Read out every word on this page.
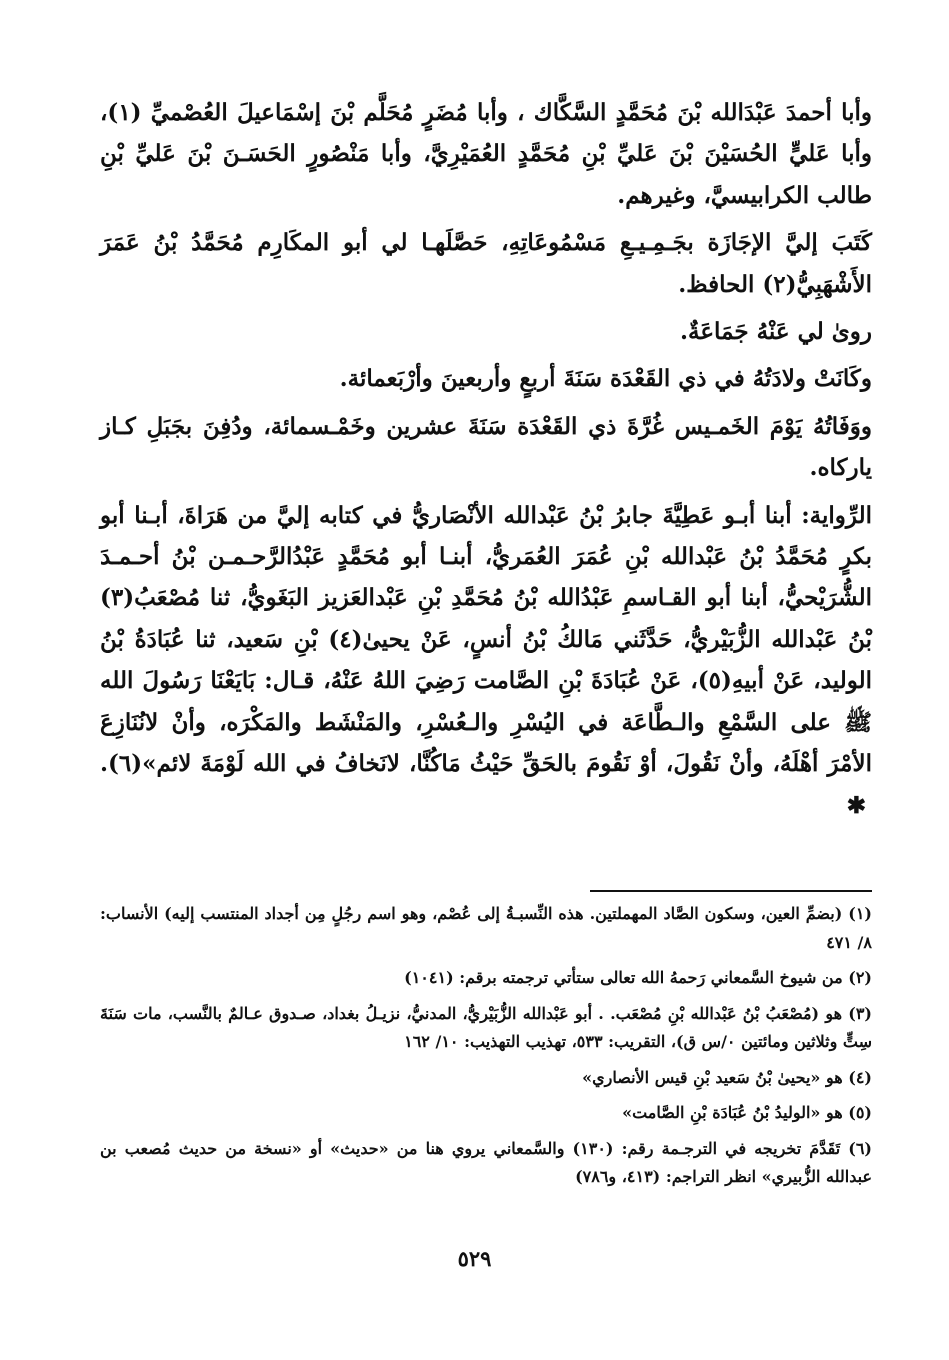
وأبا أحمدَ عَبْدَالله بْنَ مُحَمَّدٍ السَّكَّاك ، وأبا مُضَرٍ مُحَلَّم بْنَ إسْمَاعيلَ العُصْميِّ (١)، وأبا عَليٍّ الحُسَيْنَ بْنَ عَليِّ بْنِ مُحَمَّدٍ العُمَيْرِيَّ، وأبا مَنْصُورٍ الحَسَـنَ بْنَ عَليِّ بْنِ طالب الكرابيسيَّ، وغيرهم.

كَتَبَ إليَّ الإجَازَة بجَـمِـيـعِ مَسْمُوعَاتِهِ، حَصَّلَهـا لي أبو المكَارِم مُحَمَّدُ بْنُ عَمَرَ الأَشْهَبِيُّ(٢) الحافظ.

روىٰ لي عَنْهُ جَمَاعَةٌ.

وكَانَتْ ولادَتُهُ في ذي القَعْدَة سَنَةَ أربعٍ وأربعينَ وأرْبَعمائة.

ووَفَاتُهُ يَوْمَ الخَمـيس غُرَّةَ ذي القَعْدَة سَنَةَ عشرين وخَمْـسمائة، ودُفِنَ بجَبَلِ كـاز ياركاه.

الرِّواية: أبنا أبـو عَطِيَّةَ جابرُ بْنُ عَبْدالله الأنْصَاريُّ في كتابه إليَّ من هَرَاةَ، أبـنا أبو بكرٍ مُحَمَّدُ بْنُ عَبْدالله بْنِ عُمَرَ العُمَريُّ، أبنـا أبو مُحَمَّدٍ عَبْدُالرَّحـمـن بْنُ أحـمـدَ الشُّرَيْحيُّ، أبنا أبو القـاسمِ عَبْدُالله بْنُ مُحَمَّدِ بْنِ عَبْدالعَزيز البَغَويُّ، ثنا مُصْعَبُ(٣) بْنُ عَبْدالله الزُّبَيْريُّ، حَدَّثَني مَالكُ بْنُ أنسٍ، عَنْ يحيىٰ(٤) بْنِ سَعيد، ثنا عُبَادَةُ بْنُ الوليد، عَنْ أبيهِ(٥)، عَنْ عُبَادَةَ بْنِ الصَّامت رَضِيَ اللهُ عَنْهُ، قـال: بَايَعْنَا رَسُولَ الله ﷺ على السَّمْعِ والـطَّاعَة في اليُسْرِ والـعُسْرِ، والمَنْشَط والمَكْرَه، وأنْ لانُنَازِعَ الأمْرَ أهْلَهُ، وأنْ نَقُولَ، أوْ نَقُومَ بالحَقِّ حَيْثُ مَاكُنَّا، لانَخافُ في الله لَوْمَةَ لائم»(٦). ✱

(١) (بضمِّ العين، وسكون الصَّاد المهملتين. هذه النِّسبـةُ إلى عُصْم، وهو اسم رجُلٍ مِن أجداد المنتسب إليه) الأنساب: ٨/ ٤٧١

(٢) من شيوخ السَّمعاني رَحمهُ الله تعالى ستأتي ترجمته برقم: (١٠٤١)

(٣) هو (مُصْعَبُ بْنُ عَبْدالله بْنِ مُصْعَب. . أبو عَبْدالله الزُّبَيْريُّ، المدنيُّ، نزيـلُ بغداد، صـدوق عـالمٌ بالنَّسب، مات سَنَةَ سِتٍّ وثلاثين ومائتين ٠/س ق)، التقريب: ٥٣٣، تهذيب التهذيب: ١٠/ ١٦٢

(٤) هو «يحيىٰ بْنُ سَعيد بْنِ قيس الأنصاري»

(٥) هو «الوليدُ بْنُ عُبَادَة بْنِ الصَّامت»

(٦) تَقَدَّمَ تخريجه في الترجـمة رقم: (١٣٠) والسَّمعاني يروي هنا من «حديث» أو «نسخة من حديث مُصعب بن عبدالله الزُّبيري» انظر التراجم: (٤١٣، و٧٨٦)

٥٢٩
